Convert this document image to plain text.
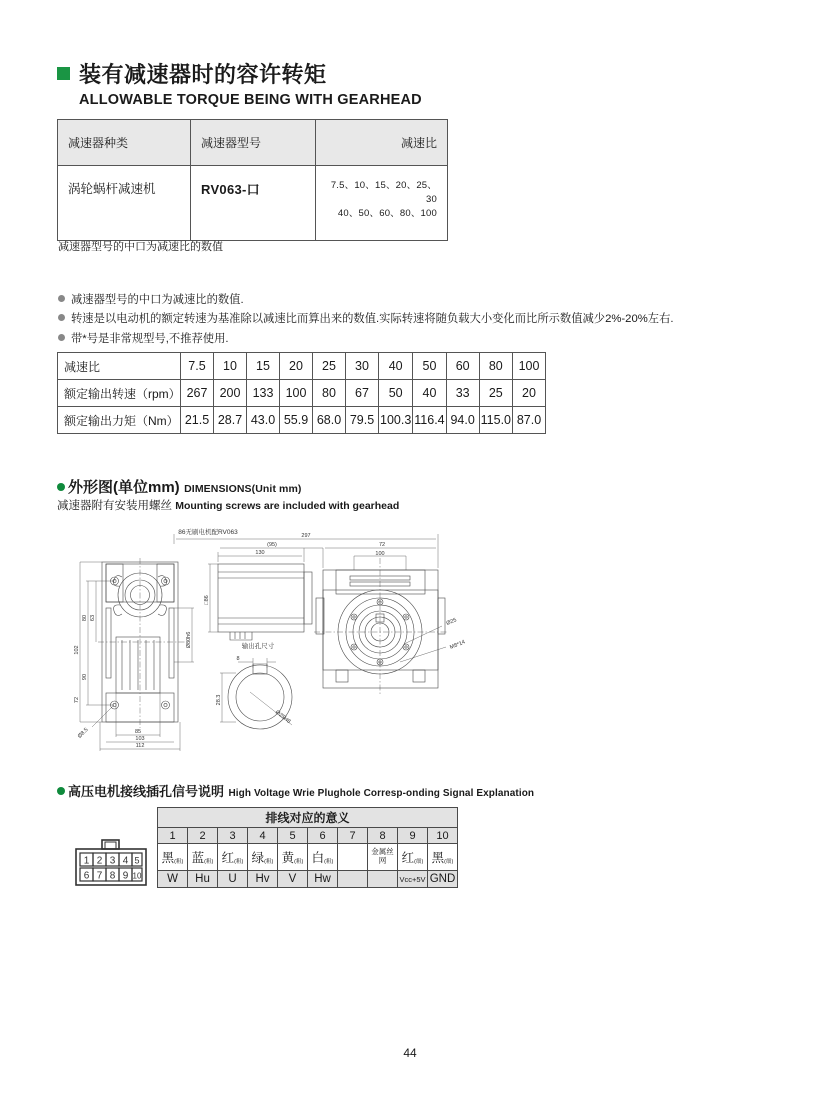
装有减速器时的容许转矩
ALLOWABLE TORQUE BEING WITH GEARHEAD
减速器种类	减速器型号	减速比
涡轮蜗杆减速机	RV063-口	7.5、10、15、20、25、30
40、50、60、80、100
减速器型号的中口为减速比的数值
减速器型号的中口为减速比的数值.
转速是以电动机的额定转速为基准除以减速比而算出来的数值.实际转速将随负载大小变化而比所示数值减少2%-20%左右.
带*号是非常规型号,不推荐使用.
减速比	7.5	10	15	20	25	30	40	50	60	80	100
额定输出转速（rpm）	267	200	133	100	80	67	50	40	33	25	20
额定输出力矩（Nm）	21.5	28.7	43.0	55.9	68.0	79.5	100.3	116.4	94.0	115.0	87.0
外形图(单位mm) DIMENSIONS(Unit mm)
减速器附有安装用螺丝 Mounting screws are included with gearhead
86无刷电机配RV063
102
80 63
90
72
85
103
112
Ø8.5
Ø80h6
130
□86
输出孔尺寸
8
28.3
Ø25H8
297
(95)	72
100
Ø25
M8*14
高压电机接线插孔信号说明 High Voltage Wrie Plughole Corresp-onding Signal Explanation
1 2 3 4 5
6 7 8 9 10
排线对应的意义									
1	2	3	4	5	6	7	8	9	10
黑(粗)	蓝(粗)	红(粗)	绿(粗)	黄(粗)	白(粗)		金属丝网	红(细)	黑(细)
W	Hu	U	Hv	V	Hw			Vcc+5V	GND
44
